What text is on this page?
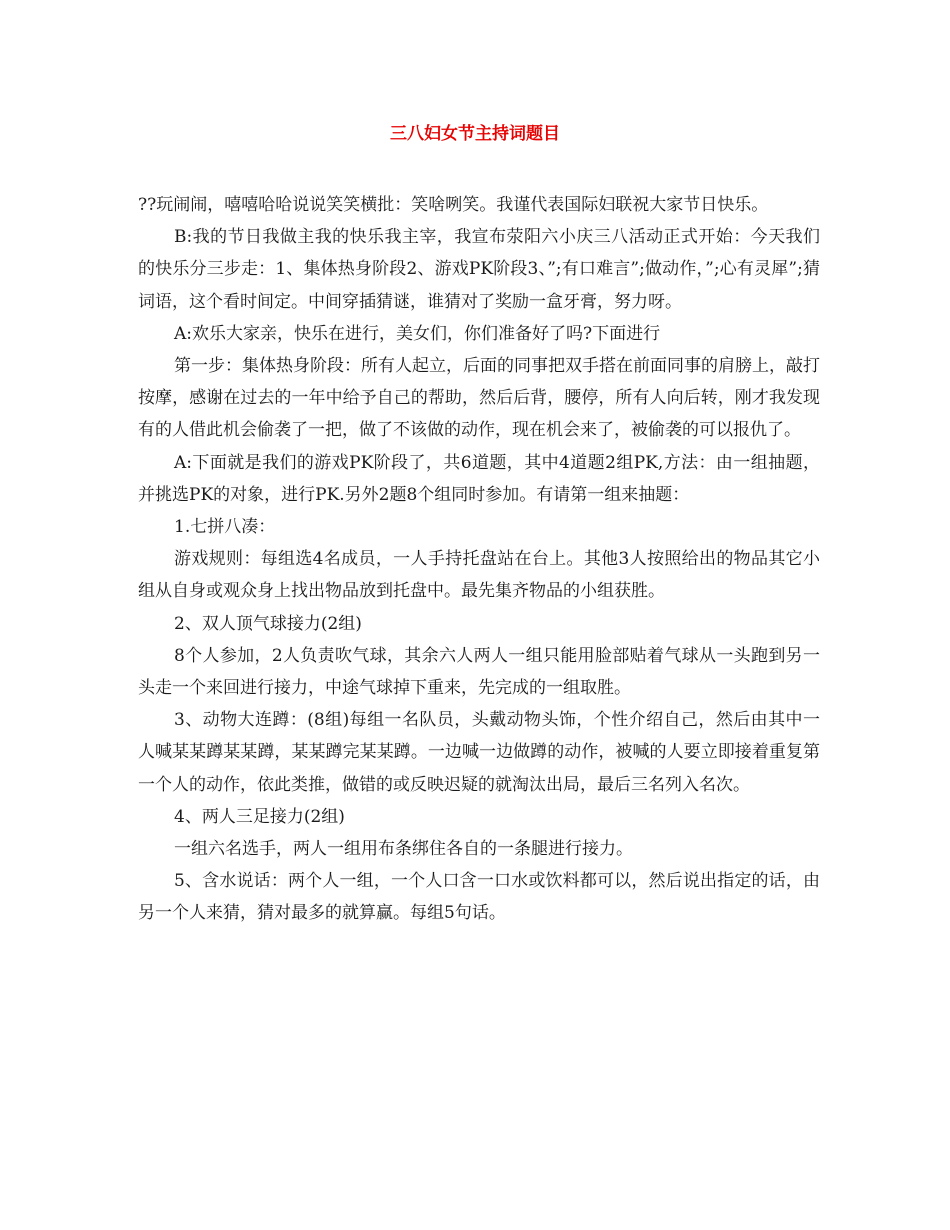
三八妇女节主持词题目

??玩闹闹，嘻嘻哈哈说说笑笑横批：笑啥咧笑。我谨代表国际妇联祝大家节日快乐。

B:我的节日我做主我的快乐我主宰，我宣布荥阳六小庆三八活动正式开始：今天我们的快乐分三步走：1、集体热身阶段2、游戏PK阶段3、”;有口难言”;做动作，”;心有灵犀”;猜词语，这个看时间定。中间穿插猜谜，谁猜对了奖励一盒牙膏，努力呀。

A:欢乐大家亲，快乐在进行，美女们，你们准备好了吗?下面进行

第一步：集体热身阶段：所有人起立，后面的同事把双手搭在前面同事的肩膀上，敲打按摩，感谢在过去的一年中给予自己的帮助，然后后背，腰停，所有人向后转，刚才我发现有的人借此机会偷袭了一把，做了不该做的动作，现在机会来了，被偷袭的可以报仇了。

A:下面就是我们的游戏PK阶段了，共6道题，其中4道题2组PK,方法：由一组抽题，并挑选PK的对象，进行PK.另外2题8个组同时参加。有请第一组来抽题：

1.七拼八凑：

游戏规则：每组选4名成员，一人手持托盘站在台上。其他3人按照给出的物品其它小组从自身或观众身上找出物品放到托盘中。最先集齐物品的小组获胜。

2、双人顶气球接力(2组)

8个人参加，2人负责吹气球，其余六人两人一组只能用脸部贴着气球从一头跑到另一头走一个来回进行接力，中途气球掉下重来，先完成的一组取胜。

3、动物大连蹲：(8组)每组一名队员，头戴动物头饰，个性介绍自己，然后由其中一人喊某某蹲某某蹲，某某蹲完某某蹲。一边喊一边做蹲的动作，被喊的人要立即接着重复第一个人的动作，依此类推，做错的或反映迟疑的就淘汰出局，最后三名列入名次。

4、两人三足接力(2组)

一组六名选手，两人一组用布条绑住各自的一条腿进行接力。

5、含水说话：两个人一组，一个人口含一口水或饮料都可以，然后说出指定的话，由另一个人来猜，猜对最多的就算赢。每组5句话。
